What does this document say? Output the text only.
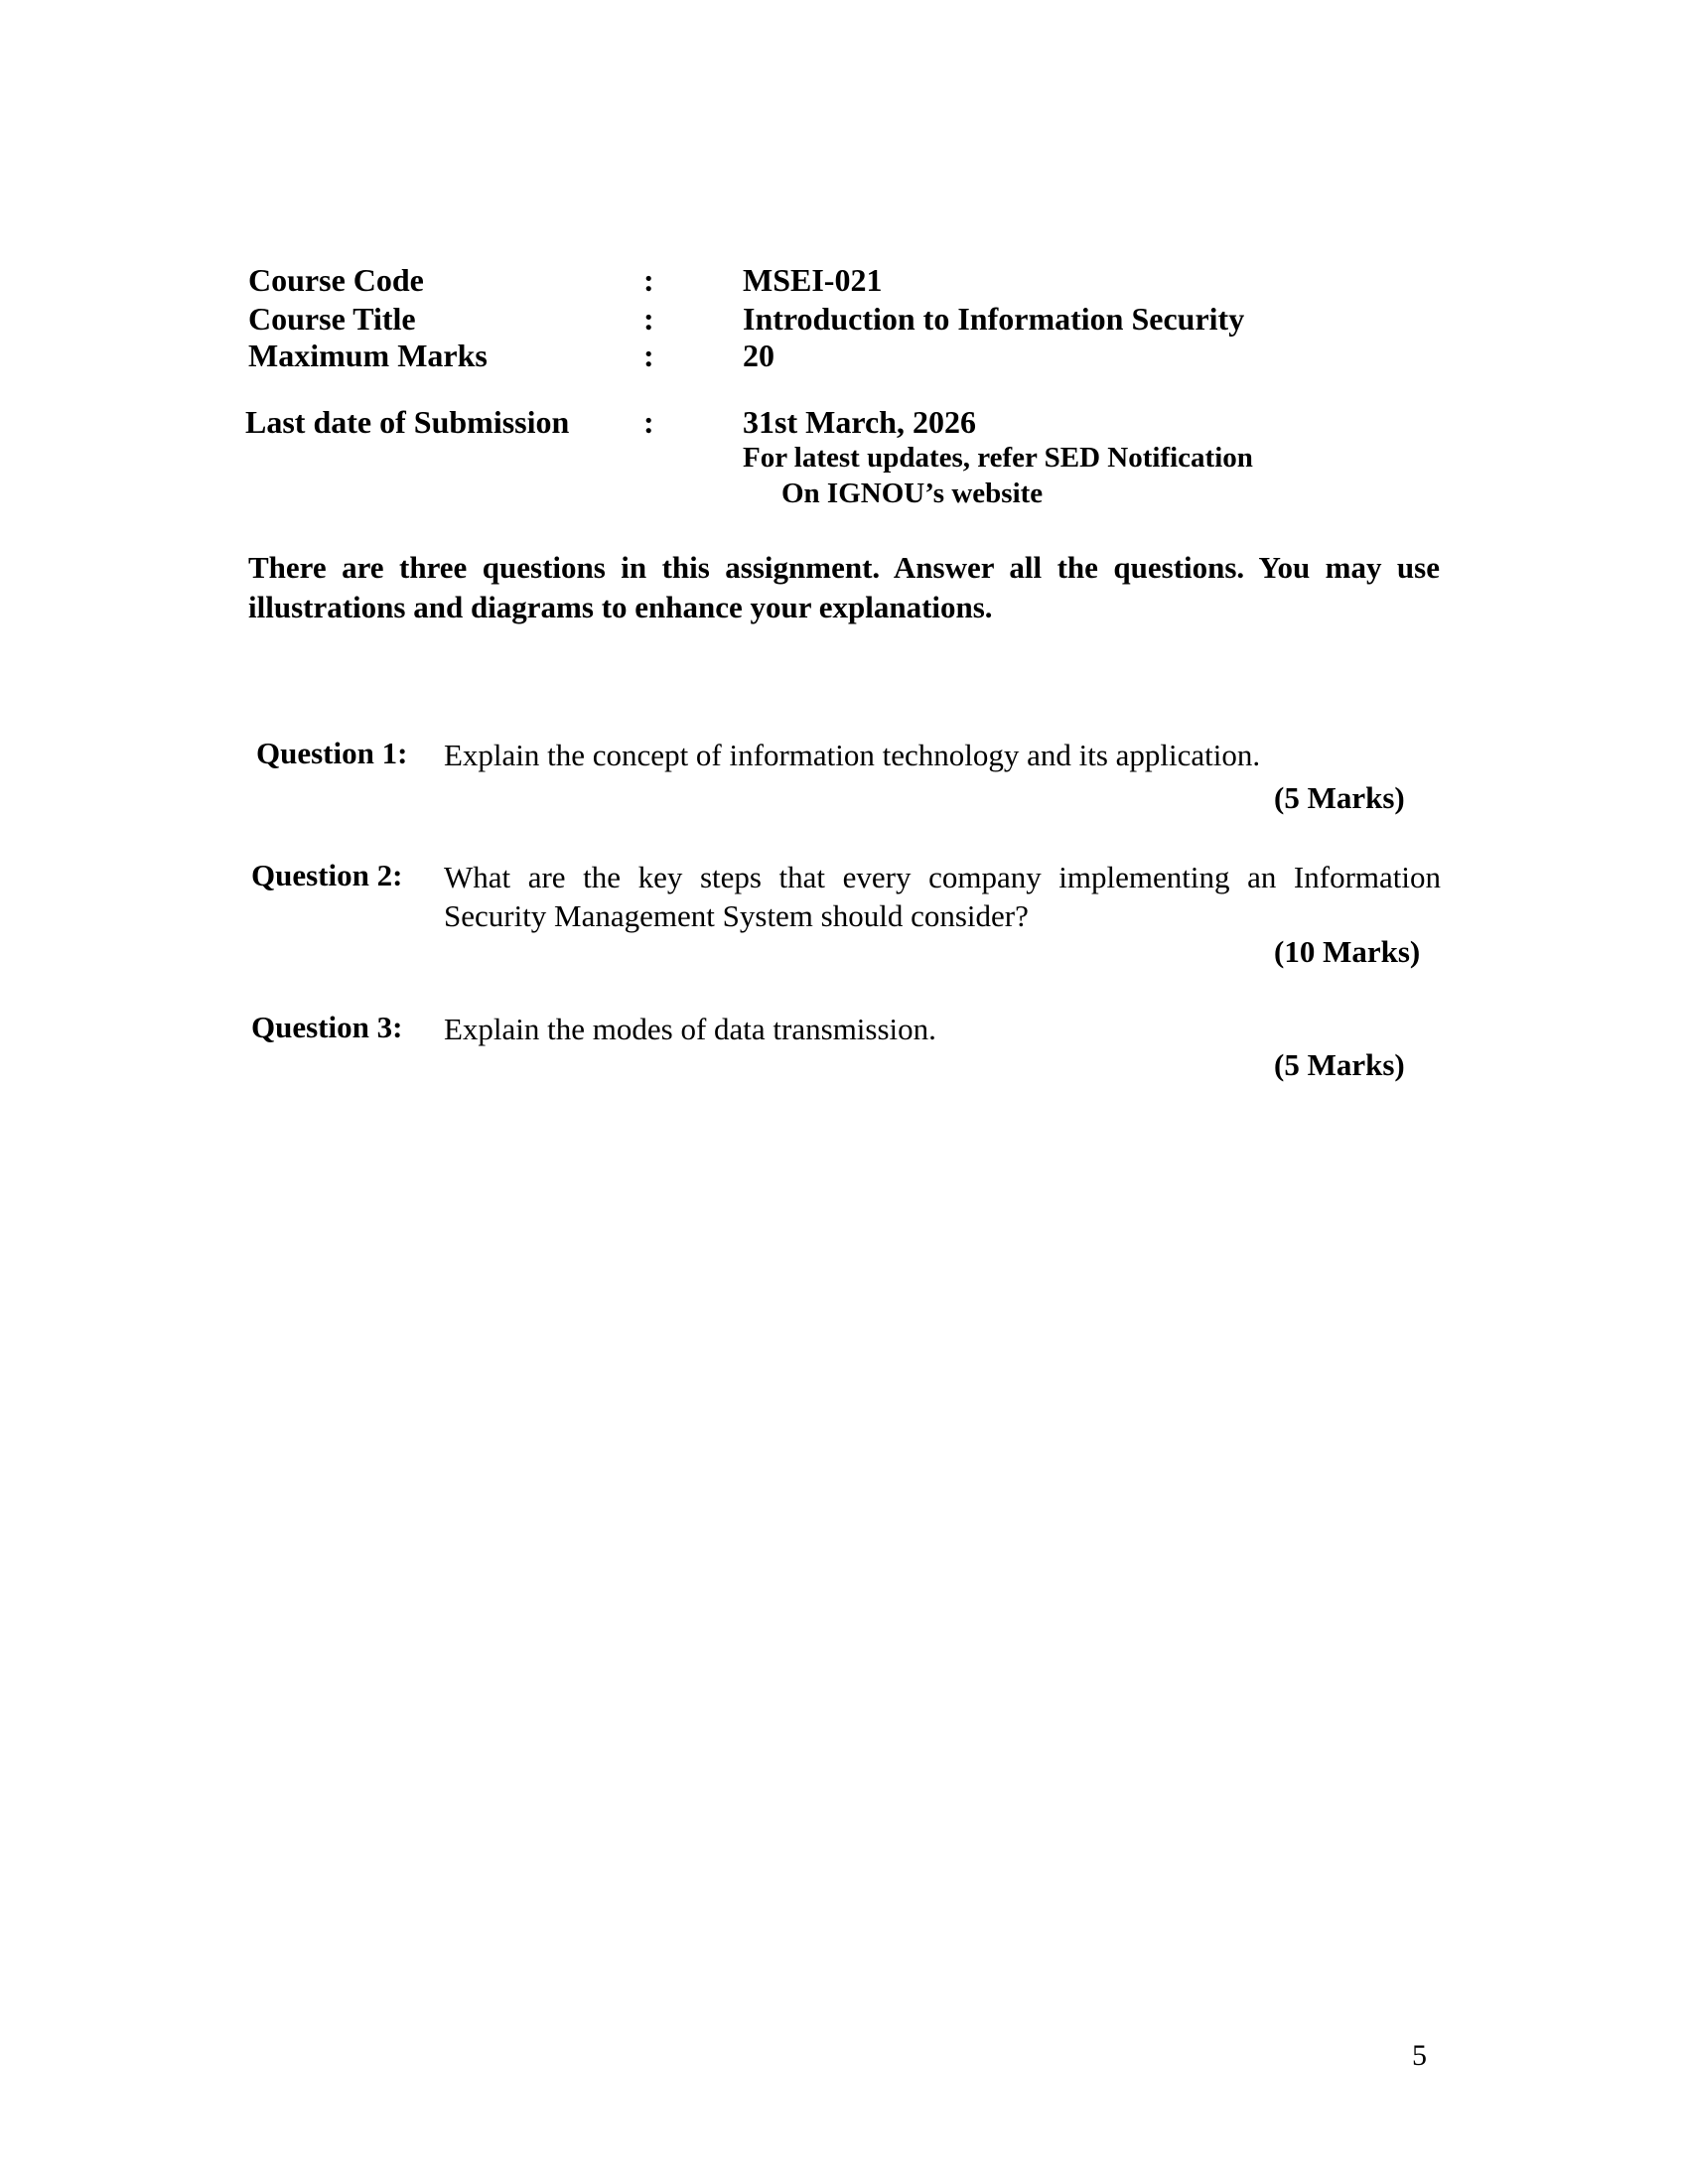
Course Code	:	MSEI-021
Course Title	:	Introduction to Information Security
Maximum Marks	:	20
Last date of Submission :	31st March, 2026
For latest updates, refer SED Notification
On IGNOU’s website
There are three questions in this assignment. Answer all the questions. You may use illustrations and diagrams to enhance your explanations.
Question 1: Explain the concept of information technology and its application.
(5 Marks)
Question 2: What are the key steps that every company implementing an Information Security Management System should consider?
(10 Marks)
Question 3: Explain the modes of data transmission.
(5 Marks)
5
